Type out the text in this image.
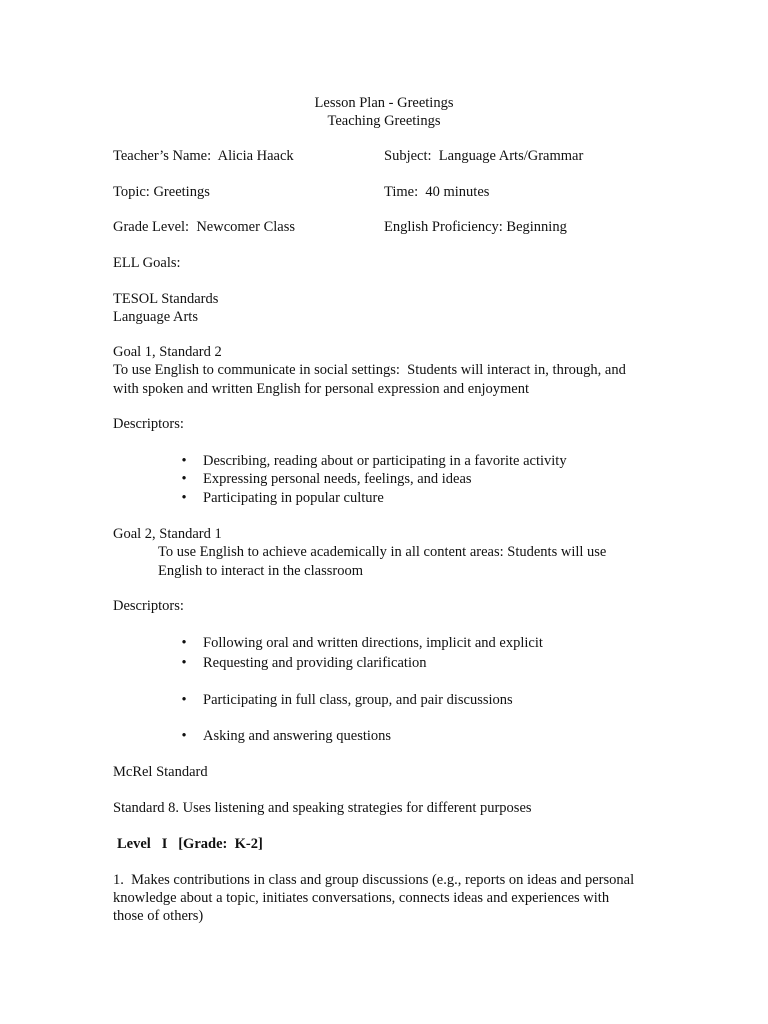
Lesson Plan - Greetings
Teaching Greetings
Teacher’s Name:  Alicia Haack	Subject:  Language Arts/Grammar
Topic: Greetings	Time:  40 minutes
Grade Level:  Newcomer Class	English Proficiency: Beginning
ELL Goals:
TESOL Standards
Language Arts
Goal 1, Standard 2
To use English to communicate in social settings:  Students will interact in, through, and
with spoken and written English for personal expression and enjoyment
Descriptors:
• Describing, reading about or participating in a favorite activity
• Expressing personal needs, feelings, and ideas
• Participating in popular culture
Goal 2, Standard 1
To use English to achieve academically in all content areas: Students will use
English to interact in the classroom
Descriptors:
• Following oral and written directions, implicit and explicit
• Requesting and providing clarification
• Participating in full class, group, and pair discussions
• Asking and answering questions
McRel Standard
Standard 8. Uses listening and speaking strategies for different purposes
Level   I   [Grade:  K-2]
1.  Makes contributions in class and group discussions (e.g., reports on ideas and personal
knowledge about a topic, initiates conversations, connects ideas and experiences with
those of others)
